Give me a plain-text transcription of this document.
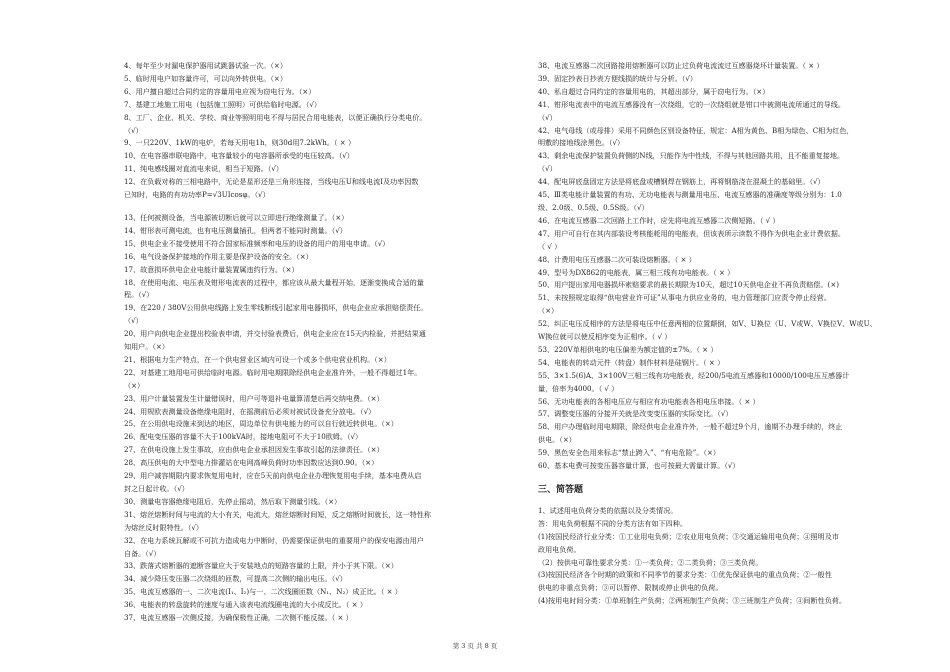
4、每年至少对漏电保护器用试跳器试验一次。（×）
5、临时用电户如容量许可，可以向外转供电。（×）
6、用户擅自超过合同约定的容量用电应视为窃电行为。（×）
7、基建工地施工用电（包括施工照明）可供给临时电源。（√）
8、工厂、企业、机关、学校、商业等照明用电不得与居民合用电能表，以便正确执行分类电价。
（√）
9、一只220V、1kW的电炉，若每天用电1h，则30d用7.2kWh。（ × ）
10、在电容器串联电路中，电容量较小的电容器所承受的电压较高。（√）
11、纯电感线圈对直流电来说，相当于短路。（√）
12、在负载对称的三相电路中，无论是星形还是三角形连接，当线电压U和线电流I及功率因数
已知时，电路的有功功率P=√3UIcosφ。（√）
13、任何被测设备，当电源被切断后就可以立即进行绝缘测量了。（×）
14、钳形表可测电流，也有电压测量插孔，但两者不能同时测量。（√）
15、供电企业不接受使用不符合国家标准频率和电压的设备的用户的用电申请。（√）
16、电气设备保护接地的作用主要是保护设备的安全。（×）
17、故意损坏供电企业电能计量装置属违约行为。（×）
18、在使用电流、电压表及钳形电流表的过程中，都应该从最大量程开始，逐渐变换成合适的量
程。（√）
19、在220 / 380V公用供电线路上发生零线断线引起家用电器损坏，供电企业应承担赔偿责任。
（√）
20、用户向供电企业提出校验表申请，并交付验表费后，供电企业应在15天内检验，并把结果通
知用户。（×）
21、根据电力生产特点，在一个供电营业区域内可设一个或多个供电营业机构。（×）
22、对基建工地用电可供给临时电源。临时用电期限除经供电企业准许外，一般不得超过1年。
（×）
23、用户计量装置发生计量错误时，用户可等退补电量算清楚后再交纳电费。（×）
24、用规欧表测量设备绝缘电阻时，在摇测前后必须对被试设备充分放电。（√）
25、在公用供电设施未到达的地区，周边单位有供电能力的可以自行就近转供电。（×）
26、配电变压器的容量不大于100kVA时，接地电阻可不大于10欧姆。（√）
27、在供电设施上发生事故，应由供电企业承担因发生事故引起的法律责任。（×）
28、高压供电的大中型电力排灌站在电网高峰负荷时功率因数应达到0.90。（×）
29、用户减容期限内要求恢复用电时，应在5天前向供电企业办理恢复用电手续，基本电费从启
封之日起计收。（√）
30、测量电容器绝缘电阻后，先停止摇动，然后取下测量引线。（×）
31、熔丝熔断时间与电流的大小有关，电流大，熔丝熔断时间短，反之熔断时间就长，这一特性称
为熔丝反时限特性。（√）
32、在电力系统瓦解或不可抗力造成电力中断时，仍需要保证供电的重要用户的保安电源由用户
自备。（√）
33、跌落式熔断器的遮断容量应大于安装地点的短路容量的上限，并小于其下限。（×）
34、减少降压变压器二次绕组的匝数，可提高二次侧的输出电压。（√）
35、电流互感器的一、二次电流(I₁、I₂)与一、二次线圈匝数（N₁、N₂）成正比。（ × ）
36、电能表的转盘旋转的速度与通入该表电流线圈电流的大小成反比。（ × ）
37、电流互感器一次侧反接，为确保极性正确，二次侧不能反接。（ × ）
38、电流互感器二次回路接用熔断器可以防止过负荷电流流过互感器烧坏计量装置。（ × ）
39、固定抄表日抄表方便线损的统计与分析。（√）
40、私自超过合同约定的容量用电的，其超出部分，属于窃电行为。（×）
41、钳形电流表中的电流互感器没有一次绕组，它的一次绕组就是钳口中被测电流所通过的导线。
（√）
42、电气母线（或母排）采用不同颜色区别设备特征，规定：A相为黄色、B相为绿色、C相为红色，
明敷的接地线涂黑色。（√）
43、剩余电流保护装置负荷侧的N线，只能作为中性线，不得与其他回路共用，且不能重复接地。
（√）
44、配电屏底盘固定方法是将底盘或槽钢焊在钢筋上，再将钢筋浇在混凝土的基础里。（√）
45、Ⅲ类电能计量装置的有功、无功电能表与测量用电压、电流互感器的准确度等级分别为：1.0
级、2.0级、0.5级、0.5S级。（√）
46、在电流互感器二次回路上工作时，应先将电流互感器二次侧短路。（ √ ）
47、用户可自行在其内部装设考核能耗用的电能表，但该表所示读数不得作为供电企业计费依据。
（ √ ）
48、计费用电压互感器二次可装设熔断器。（ × ）
49、型号为DX862的电能表，属三相三线有功电能表。（ × ）
50、用户提出家用电器损坏索赔要求的最长期限为10天，超过10天供电企业不再负责赔偿。(×)
51、未按照规定取得“供电营业许可证”从事电力供应业务的，电力管理部门应责令停止经营。
（×）
52、纠正电压反相序的方法是将电压中任意两相的位置颠倒，如V、U换位（U、V或W、V换位V、W或U、
W换位就可以使反相序变为正相序。（ √ ）
53、220V单相供电的电压偏差为额定值的±7%。（ × ）
54、电能表的转动元件（转盘）制作材料是硅钢片。（ × ）
55、3×1.5(6)A、3×100V三相三线有功电能表，经200/5电流互感器和10000/100电压互感器计
量，倍率为4000。（ √ ）
56、无功电能表的各相电压应与相应有功电能表各相电压串接。（ × ）
57、调整变压器的分接开关就是改变变压器的实际变比。（√）
58、用户办理临时用电期限，除经供电企业准许外，一般不超过9个月，逾期不办理手续的，终止
供电。（×）
59、黑色安全色用来标志“禁止跨入”、“有电危险”。（×）
60、基本电费可按变压器容量计算，也可按最大需量计算。（√）
三、简答题
1、试述用电负荷分类的依据以及分类情况。
答：用电负荷根据不同的分类方法有如下四种。
(1)按国民经济行业分类：①工业用电负荷；②农业用电负荷；③交通运输用电负荷；④照明及市
政用电负荷。
（2）按供电可靠性要求分类：①一类负荷；②二类负荷；③三类负荷。
(3)按国民经济各个时期的政策和不同季节的要求分类：①优先保证供电的重点负荷；②一般性
供电的非重点负荷；③可以暂停、限制或停止供电的负荷。
(4)按用电时间分类：①单班制生产负荷；②两班制生产负荷；③三班制生产负荷；④间断性负荷。
第 3 页 共 8 页
